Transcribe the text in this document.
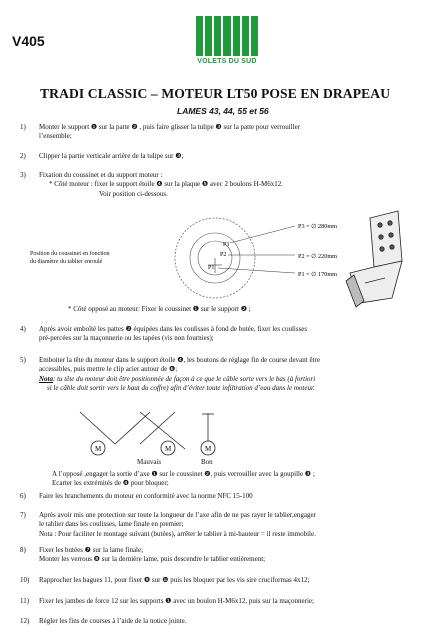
V405
VOLETS DU SUD
TRADI CLASSIC – MOTEUR LT50 POSE EN DRAPEAU
LAMES 43, 44, 55 et 56
1) Monter le support ❶ sur la patte ❷ , puis faire glisser la tulipe ❸ sur la patte pour verrouiller
l’ensemble;
2) Clipper la partie verticale arrière de la tulipe sur ❸;
3) Fixation du coussinet et du support moteur :
* Côté moteur : fixer le support étoile ❹ sur la plaque ❺ avec 2 boulons H-M6x12.
Voir position ci-dessous.
P3
P2
P1
P3 = ∅ 280mm
P2 = ∅ 220mm
P1 = ∅ 170mm
Position du coussinet en fonction
du diamètre du tablier enroulé
* Côté opposé au moteur: Fixer le coussinet ❶ sur le support ❷ ;
4) Après avoir emboîté les pattes ❷ équipées dans les coulisses à fond de butée, fixer les coulisses
pré-percées sur la maçonnerie ou les tapées (vis non fournies);
5) Emboiter la tête du moteur dans le support étoile ❹, les boutons de réglage fin de course devant être
accessibles, puis mettre le clip acier autour de ❻;
Nota: tu tête du moteur doit être positionnée de façon à ce que le câble sorte vers le bas (à fortiori
si le câble doit sortir vers le haut du coffre) afin d’éviter toute infiltration d’eau dans le moteur.
M	M	M
Mauvais	Bon
A l’opposé ,engager la sortie d’axe ❶ sur le coussinet ❷, puis verrouiller avec la goupille ❸ ;
Ecarter les extrémités de ❹ pour bloquer;
6) Faire les branchements du moteur en conformité avec la norme NFC 15-100
7) Après avoir mis une protection sur toute la longueur de l’axe afin de ne pas rayer le tablier,engager
le tablier dans les coulisses, lame finale en premier;
Nota : Pour faciliter le montage suivant (butées), arrêter le tablier à mi-hauteur = il reste immobile.
8) Fixer les butées ❼ sur la lame finale;
Monter les verrous ❽ sur la dernière lame, puis descendre le tablier entièrement;
10) Rapprocher les bagues 11, pour fixer ❾ sur ❿ puis les bloquer par les vis sire cruciformas 4x12;
11) Fixer les jambes de force 12 sur les supports ❶ avec un boulon H-M6x12, puis sur la maçonnerie;
12) Régler les fins de courses à l’aide de la notice jointe.
